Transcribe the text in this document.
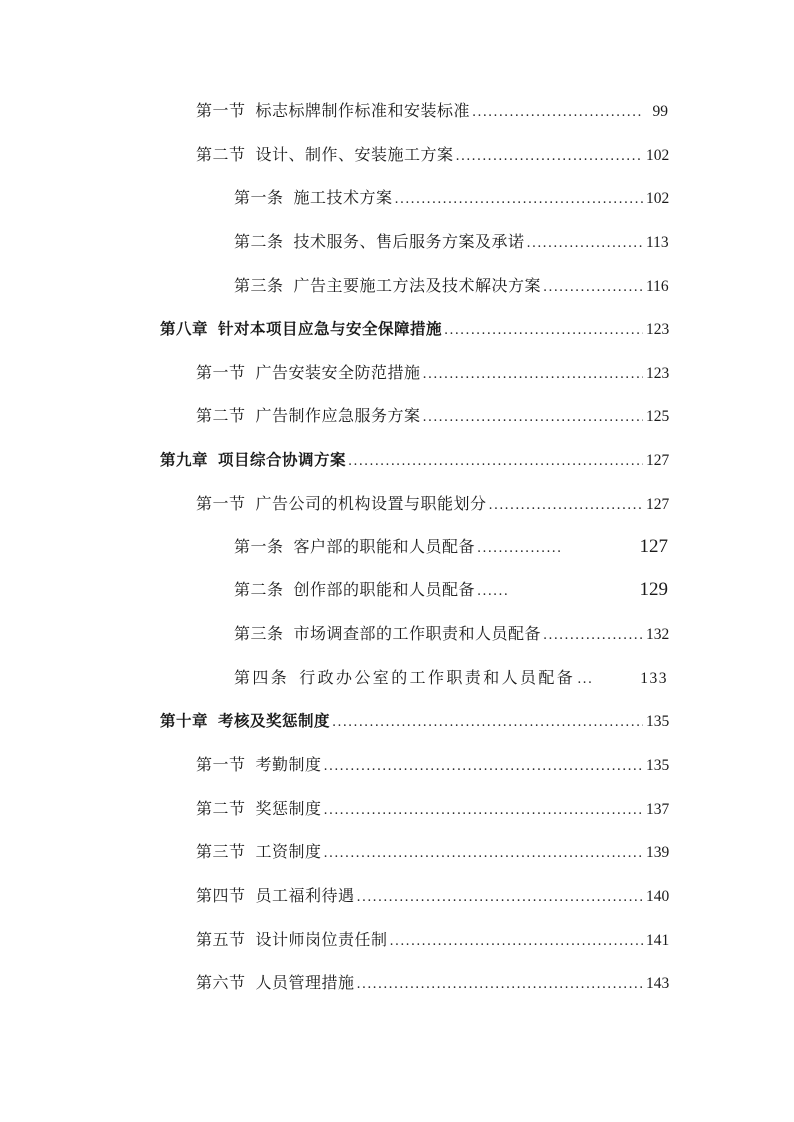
第一节 标志标牌制作标准和安装标准 .....	99
第二节 设计、制作、安装施工方案 .....	102
第一条 施工技术方案 .....	102
第二条 技术服务、售后服务方案及承诺 .....	113
第三条 广告主要施工方法及技术解决方案 .....	116
第八章 针对本项目应急与安全保障措施 .....	123
第一节 广告安装安全防范措施 .....	123
第二节 广告制作应急服务方案 .....	125
第九章 项目综合协调方案 .....	127
第一节 广告公司的机构设置与职能划分 .....	127
第一条 客户部的职能和人员配备 ................	127
第二条 创作部的职能和人员配备 ......	129
第三条 市场调查部的工作职责和人员配备 .....	132
第四条 行政办公室的工作职责和人员配备 ...	133
第十章 考核及奖惩制度 .....	135
第一节 考勤制度 .....	135
第二节 奖惩制度 .....	137
第三节 工资制度 .....	139
第四节 员工福利待遇 .....	140
第五节 设计师岗位责任制 .....	141
第六节 人员管理措施 .....	143
